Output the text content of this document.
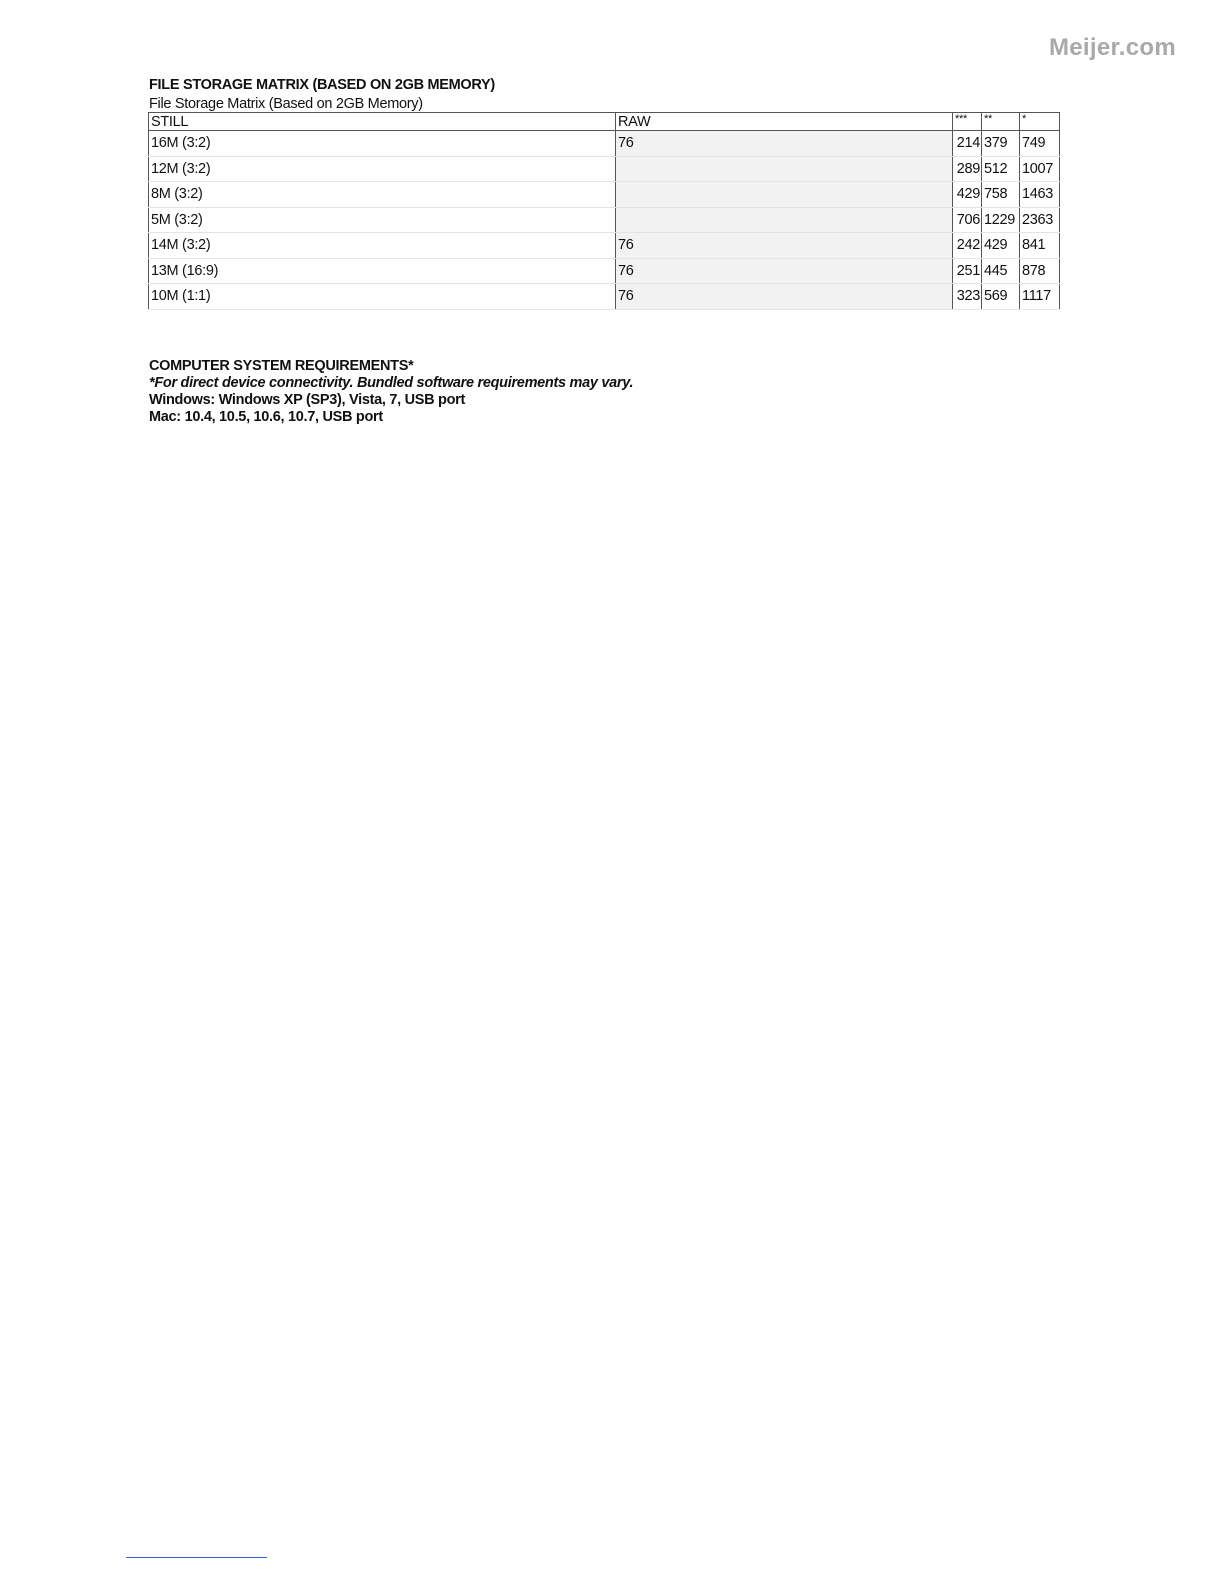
Meijer.com
FILE STORAGE MATRIX (BASED ON 2GB MEMORY)
File Storage Matrix (Based on 2GB Memory)
STILL	RAW	***	**	*
16M (3:2)	76	214	379	749
12M (3:2)		289	512	1007
8M (3:2)		429	758	1463
5M (3:2)		706	1229	2363
14M (3:2)	76	242	429	841
13M (16:9)	76	251	445	878
10M (1:1)	76	323	569	1117
COMPUTER SYSTEM REQUIREMENTS*
*For direct device connectivity. Bundled software requirements may vary.
Windows: Windows XP (SP3), Vista, 7, USB port
Mac: 10.4, 10.5, 10.6, 10.7, USB port
